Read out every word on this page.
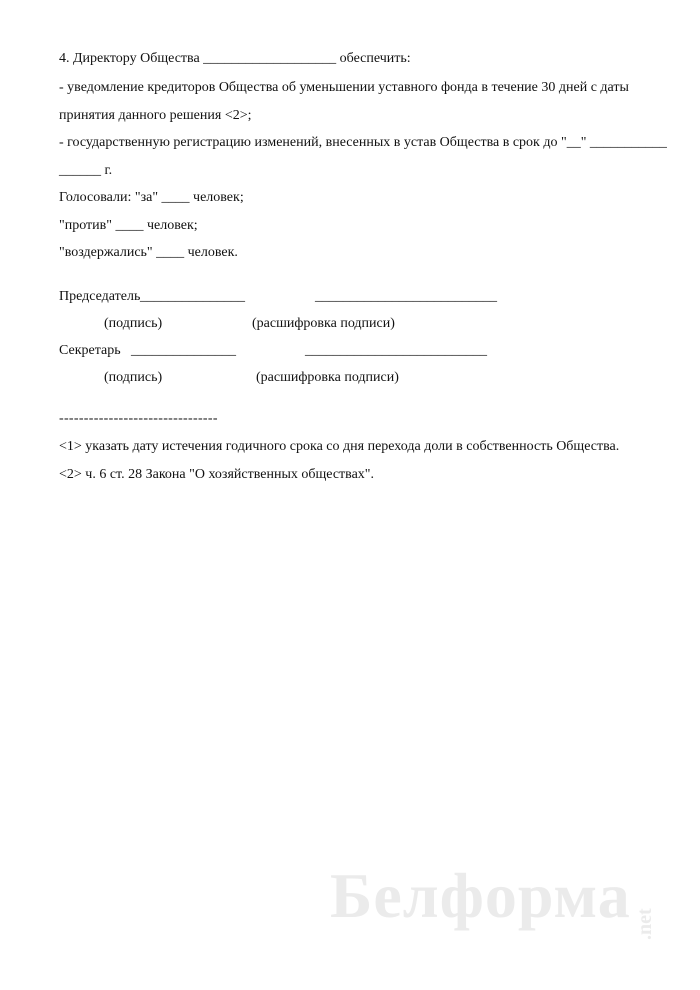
4. Директору Общества ___________________ обеспечить:
- уведомление кредиторов Общества об уменьшении уставного фонда в течение 30 дней с даты
принятия данного решения <2>;
- государственную регистрацию изменений, внесенных в устав Общества в срок до "__" ___________
______ г.
Голосовали: "за" ____ человек;
"против" ____ человек;
"воздержались" ____ человек.
Председатель _______________	__________________________
(подпись)	(расшифровка подписи)
Секретарь _______________	__________________________
(подпись)	(расшифровка подписи)
--------------------------------
<1> указать дату истечения годичного срока со дня перехода доли в собственность Общества.
<2> ч. 6 ст. 28 Закона "О хозяйственных обществах".
Белформа .net
